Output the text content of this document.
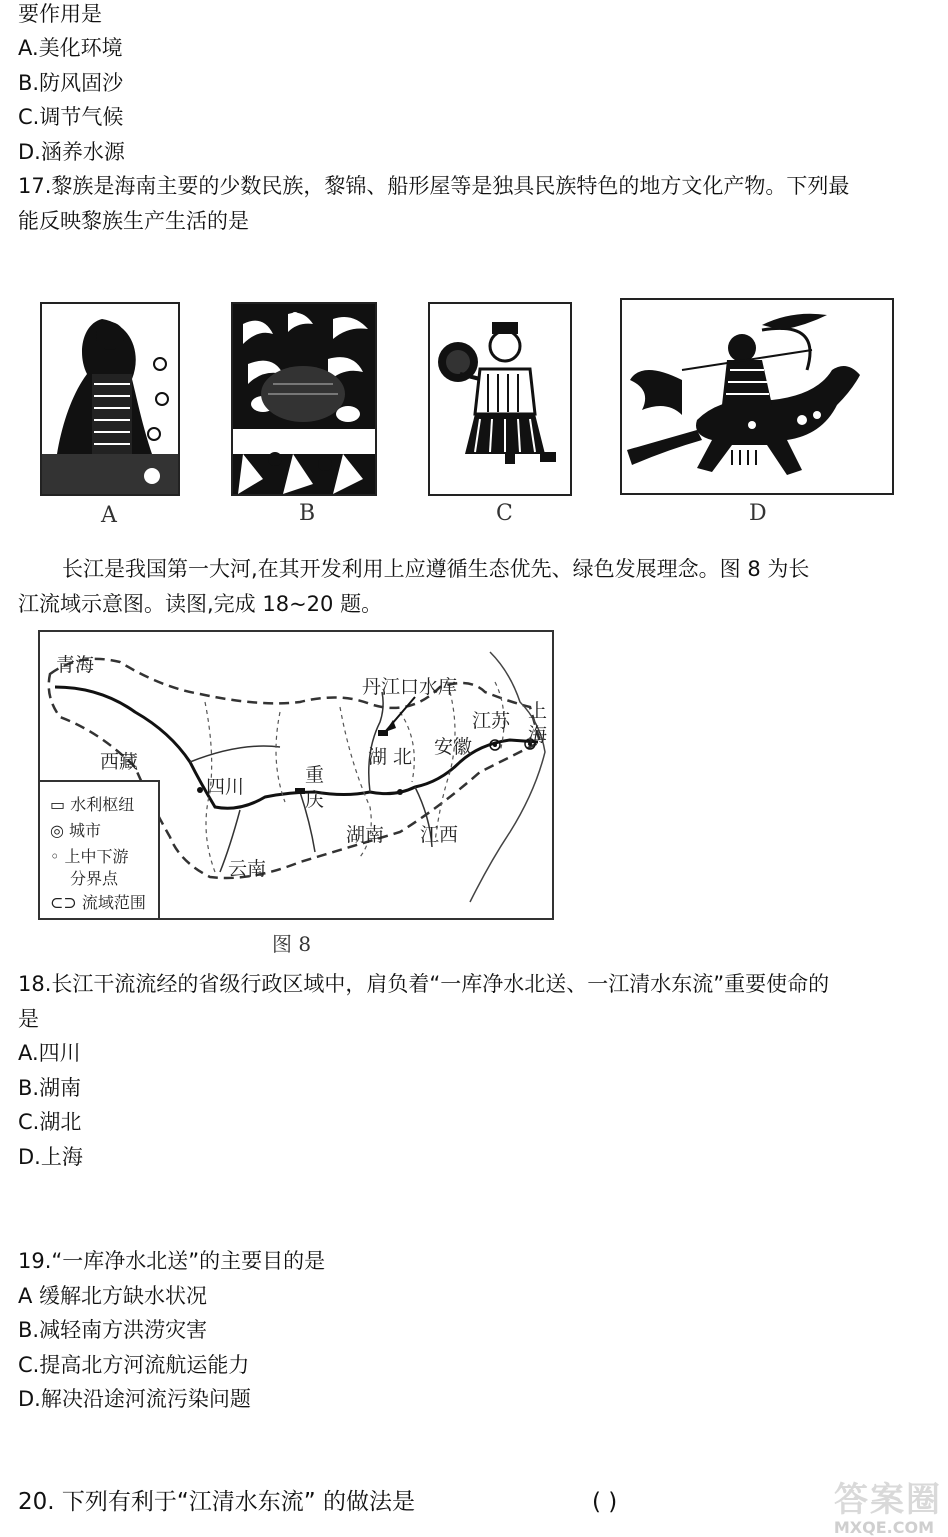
要作用是
A.美化环境
B.防风固沙
C.调节气候
D.涵养水源
17.黎族是海南主要的少数民族，黎锦、船形屋等是独具民族特色的地方文化产物。下列最
能反映黎族生产生活的是
A	B	C	D
长江是我国第一大河,在其开发利用上应遵循生态优先、绿色发展理念。图 8 为长
江流域示意图。读图,完成 18~20 题。
青海
西藏
四川
重
庆
湖 北
湖南 江西
安徽
江苏 上
海
云南
丹江口水库
▭ 水利枢纽
◎ 城市
◦ 上中下游
分界点
⊂⊃ 流域范围
图 8
18.长江干流流经的省级行政区域中，肩负着“一库净水北送、一江清水东流”重要使命的
是
A.四川
B.湖南
C.湖北
D.上海
19.“一库净水北送”的主要目的是
A 缓解北方缺水状况
B.减轻南方洪涝灾害
C.提高北方河流航运能力
D.解决沿途河流污染问题
20. 下列有利于“江清水东流” 的做法是	( )	答案圈
MXQE.COM
